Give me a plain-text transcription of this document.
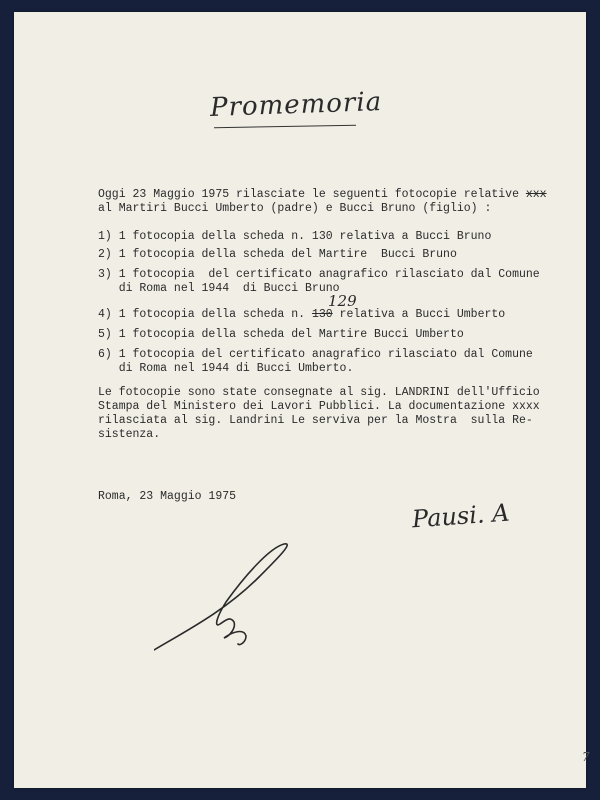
Promemoria
Oggi 23 Maggio 1975 rilasciate le seguenti fotocopie relative xxx
al Martiri Bucci Umberto (padre) e Bucci Bruno (figlio) :
1) 1 fotocopia della scheda n. 130 relativa a Bucci Bruno
2) 1 fotocopia della scheda del Martire  Bucci Bruno
3) 1 fotocopia  del certificato anagrafico rilasciato dal Comune
di Roma nel 1944  di Bucci Bruno
129
4) 1 fotocopia della scheda n. 130 relativa a Bucci Umberto
5) 1 fotocopia della scheda del Martire Bucci Umberto
6) 1 fotocopia del certificato anagrafico rilasciato dal Comune
di Roma nel 1944 di Bucci Umberto.
Le fotocopie sono state consegnate al sig. LANDRINI dell'Ufficio
Stampa del Ministero dei Lavori Pubblici. La documentazione xxxx
rilasciata al sig. Landrini Le serviva per la Mostra  sulla Re-
sistenza.
Roma, 23 Maggio 1975
Pausi. A
7
